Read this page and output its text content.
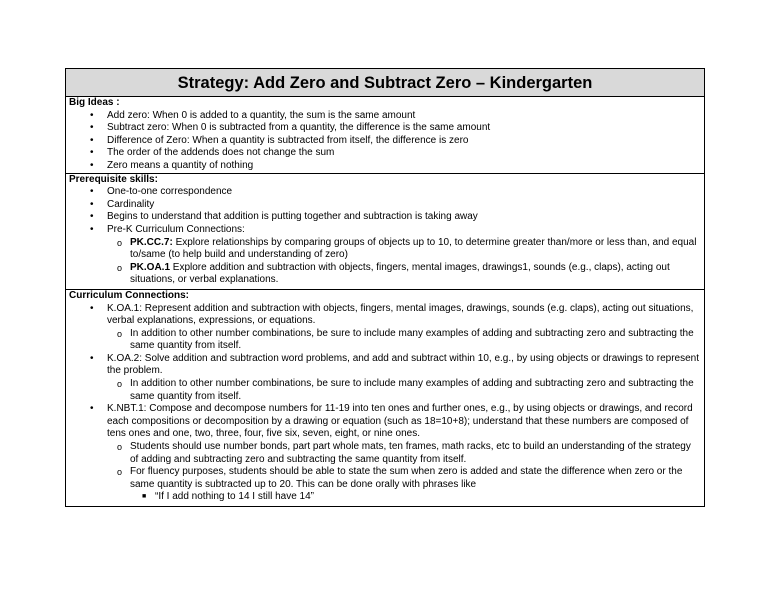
Strategy: Add Zero and Subtract Zero – Kindergarten

Big Ideas :
• Add zero: When 0 is added to a quantity, the sum is the same amount
• Subtract zero: When 0 is subtracted from a quantity, the difference is the same amount
• Difference of Zero: When a quantity is subtracted from itself, the difference is zero
• The order of the addends does not change the sum
• Zero means a quantity of nothing

Prerequisite skills:
• One-to-one correspondence
• Cardinality
• Begins to understand that addition is putting together and subtraction is taking away
• Pre-K Curriculum Connections:
o PK.CC.7: Explore relationships by comparing groups of objects up to 10, to determine greater than/more or less than, and equal to/same (to help build and understanding of zero)
o PK.OA.1 Explore addition and subtraction with objects, fingers, mental images, drawings1, sounds (e.g., claps), acting out situations, or verbal explanations.

Curriculum Connections:
• K.OA.1: Represent addition and subtraction with objects, fingers, mental images, drawings, sounds (e.g. claps), acting out situations, verbal explanations, expressions, or equations.
o In addition to other number combinations, be sure to include many examples of adding and subtracting zero and subtracting the same quantity from itself.
• K.OA.2: Solve addition and subtraction word problems, and add and subtract within 10, e.g., by using objects or drawings to represent the problem.
o In addition to other number combinations, be sure to include many examples of adding and subtracting zero and subtracting the same quantity from itself.
• K.NBT.1: Compose and decompose numbers for 11-19 into ten ones and further ones, e.g., by using objects or drawings, and record each compositions or decomposition by a drawing or equation (such as 18=10+8); understand that these numbers are composed of tens ones and one, two, three, four, five six, seven, eight, or nine ones.
o Students should use number bonds, part part whole mats, ten frames, math racks, etc to build an understanding of the strategy of adding and subtracting zero and subtracting the same quantity from itself.
o For fluency purposes, students should be able to state the sum when zero is added and state the difference when zero or the same quantity is subtracted up to 20. This can be done orally with phrases like
■ “If I add nothing to 14 I still have 14”
